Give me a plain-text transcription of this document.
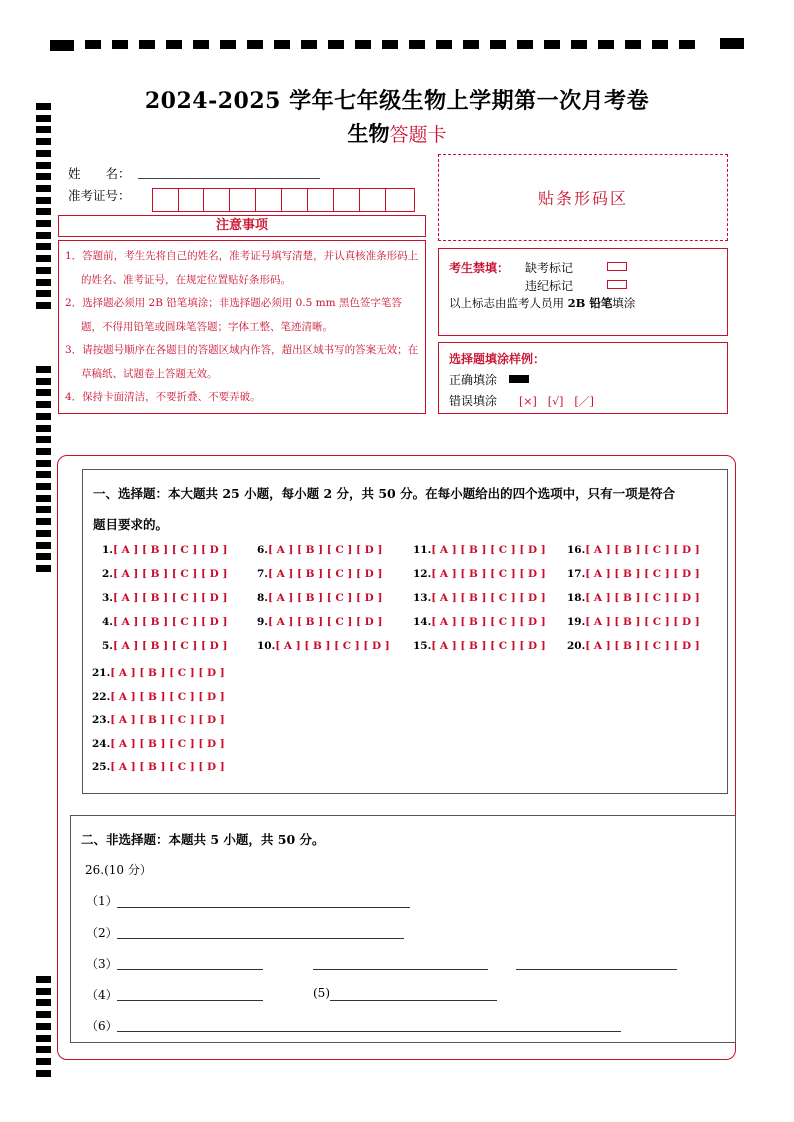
2024-2025 学年七年级生物上学期第一次月考卷
生物答题卡
姓　　名：
准考证号：	贴条形码区
注意事项

1．答题前，考生先将自己的姓名，准考证号填写清楚，并认真核准条形码上的姓名、准考证号，在规定位置贴好条形码。

2．选择题必须用 2B 铅笔填涂；非选择题必须用 0.5 mm 黑色签字笔答题，不得用铅笔或圆珠笔答题；字体工整、笔迹清晰。

3．请按题号顺序在各题目的答题区域内作答，超出区域书写的答案无效；在草稿纸、试题卷上答题无效。

4．保持卡面清洁，不要折叠、不要弄破。

考生禁填： 缺考标记
违纪标记
以上标志由监考人员用 2B 铅笔填涂
选择题填涂样例：
正确填涂
错误填涂 [×]　[√]　[／]
一、选择题：本大题共 25 小题，每小题 2 分，共 50 分。在每小题给出的四个选项中，只有一项是符合
题目要求的。
1.[ A ] [ B ] [ C ] [ D ]
2.[ A ] [ B ] [ C ] [ D ]
3.[ A ] [ B ] [ C ] [ D ]
4.[ A ] [ B ] [ C ] [ D ]
5.[ A ] [ B ] [ C ] [ D ]
6.[ A ] [ B ] [ C ] [ D ]
7.[ A ] [ B ] [ C ] [ D ]
8.[ A ] [ B ] [ C ] [ D ]
9.[ A ] [ B ] [ C ] [ D ]
10.[ A ] [ B ] [ C ] [ D ]
11.[ A ] [ B ] [ C ] [ D ]
12.[ A ] [ B ] [ C ] [ D ]
13.[ A ] [ B ] [ C ] [ D ]
14.[ A ] [ B ] [ C ] [ D ]
15.[ A ] [ B ] [ C ] [ D ]
16.[ A ] [ B ] [ C ] [ D ]
17.[ A ] [ B ] [ C ] [ D ]
18.[ A ] [ B ] [ C ] [ D ]
19.[ A ] [ B ] [ C ] [ D ]
20.[ A ] [ B ] [ C ] [ D ]
21.[ A ] [ B ] [ C ] [ D ]
22.[ A ] [ B ] [ C ] [ D ]
23.[ A ] [ B ] [ C ] [ D ]
24.[ A ] [ B ] [ C ] [ D ]
25.[ A ] [ B ] [ C ] [ D ]
二、非选择题：本题共 5 小题，共 50 分。
26.(10 分）
（1）
（2）
（3）
（4）	(5)
（6）
